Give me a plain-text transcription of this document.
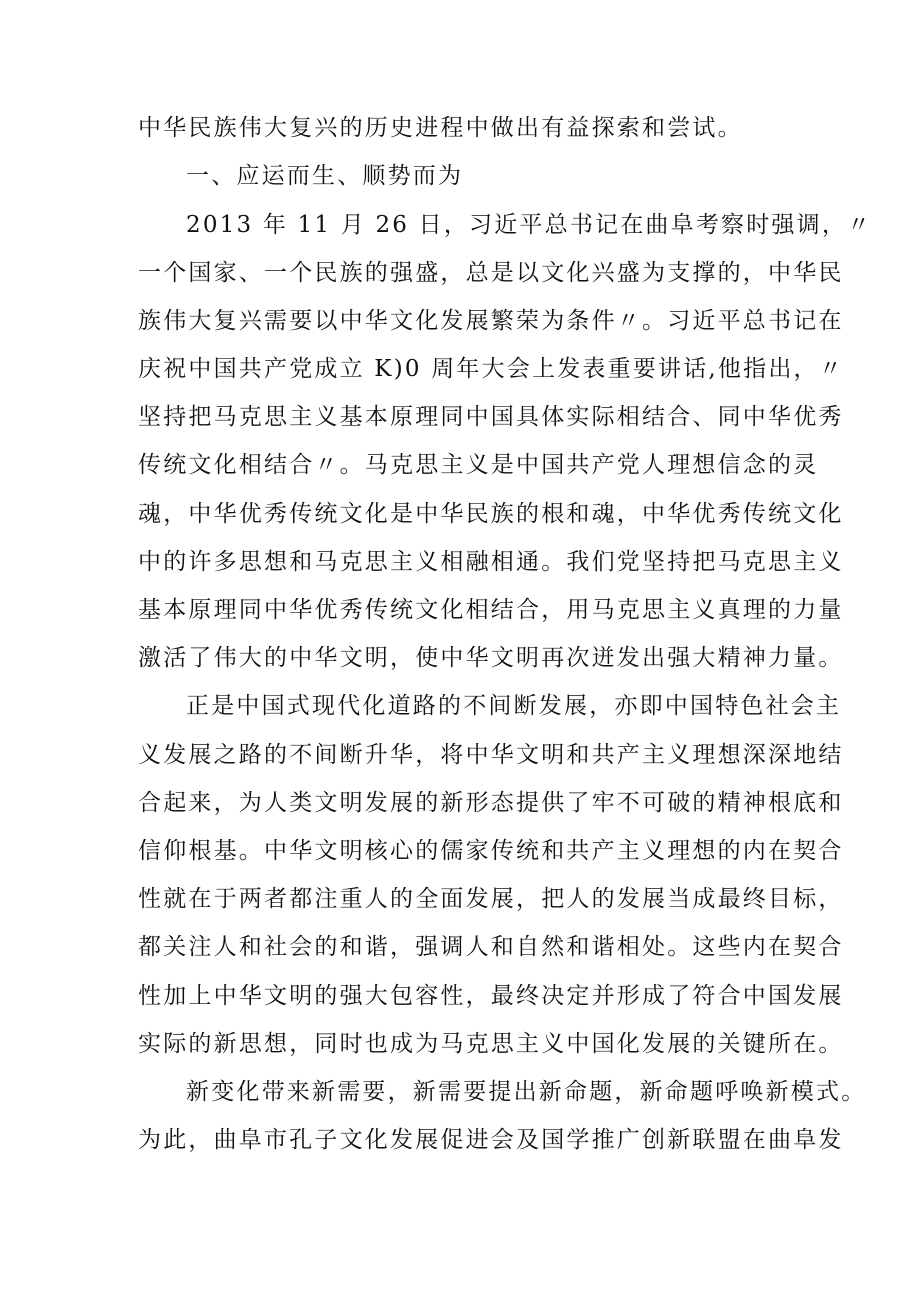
中华民族伟大复兴的历史进程中做出有益探索和尝试。
一、应运而生、顺势而为
2013 年 11 月 26 日，习近平总书记在曲阜考察时强调，〃
一个国家、一个民族的强盛，总是以文化兴盛为支撑的，中华民
族伟大复兴需要以中华文化发展繁荣为条件〃。习近平总书记在
庆祝中国共产党成立 K)0 周年大会上发表重要讲话,他指出，〃
坚持把马克思主义基本原理同中国具体实际相结合、同中华优秀
传统文化相结合〃。马克思主义是中国共产党人理想信念的灵
魂，中华优秀传统文化是中华民族的根和魂，中华优秀传统文化
中的许多思想和马克思主义相融相通。我们党坚持把马克思主义
基本原理同中华优秀传统文化相结合，用马克思主义真理的力量
激活了伟大的中华文明，使中华文明再次迸发出强大精神力量。
正是中国式现代化道路的不间断发展，亦即中国特色社会主
义发展之路的不间断升华，将中华文明和共产主义理想深深地结
合起来，为人类文明发展的新形态提供了牢不可破的精神根底和
信仰根基。中华文明核心的儒家传统和共产主义理想的内在契合
性就在于两者都注重人的全面发展，把人的发展当成最终目标，
都关注人和社会的和谐，强调人和自然和谐相处。这些内在契合
性加上中华文明的强大包容性，最终决定并形成了符合中国发展
实际的新思想，同时也成为马克思主义中国化发展的关键所在。
新变化带来新需要，新需要提出新命题，新命题呼唤新模式。
为此，曲阜市孔子文化发展促进会及国学推广创新联盟在曲阜发
